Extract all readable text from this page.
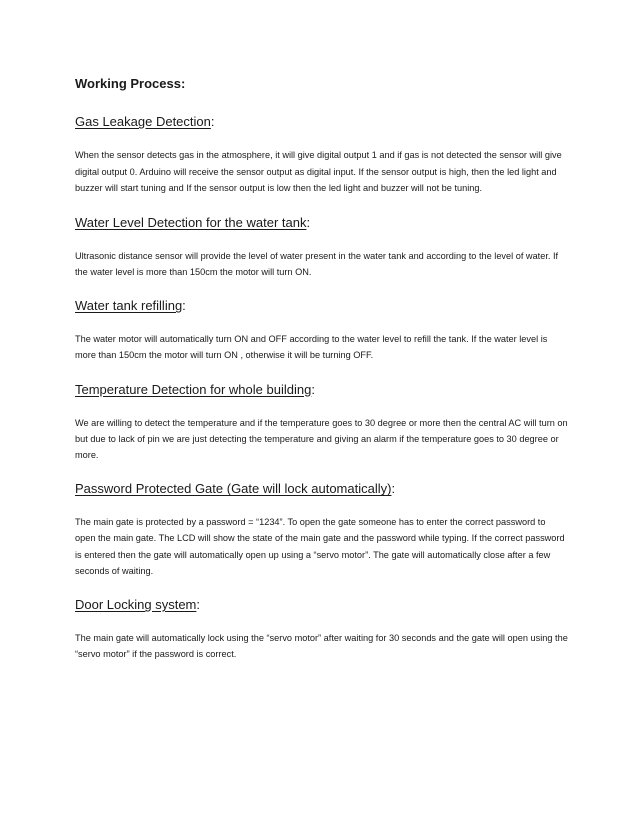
Working Process:
Gas Leakage Detection:

When the sensor detects gas in the atmosphere, it will give digital output 1 and if gas is not detected the sensor will give digital output 0. Arduino will receive the sensor output as digital input. If the sensor output is high, then the led light and buzzer will start tuning and If the sensor output is low then the led light and buzzer will not be tuning.

Water Level Detection for the water tank:

Ultrasonic distance sensor will provide the level of water present in the water tank and according to the level of water. If the water level is more than 150cm the motor will turn ON.

Water tank refilling:

The water motor will automatically turn ON and OFF according to the water level to refill the tank. If the water level is more than 150cm the motor will turn ON , otherwise it will be turning OFF.

Temperature Detection for whole building:

We are willing to detect the temperature and if the temperature goes to 30 degree or more then the central AC will turn on but due to lack of pin we are just detecting the temperature and giving an alarm if the temperature goes to 30 degree or more.

Password Protected Gate (Gate will lock automatically):

The main gate is protected by a password = “1234”. To open the gate someone has to enter the correct password to open the main gate. The LCD will show the state of the main gate and the password while typing. If the correct password is entered then the gate will automatically open up using a “servo motor”. The gate will automatically close after a few seconds of waiting.

Door Locking system:

The main gate will automatically lock using the “servo motor” after waiting for 30 seconds and the gate will open using the “servo motor” if the password is correct.
